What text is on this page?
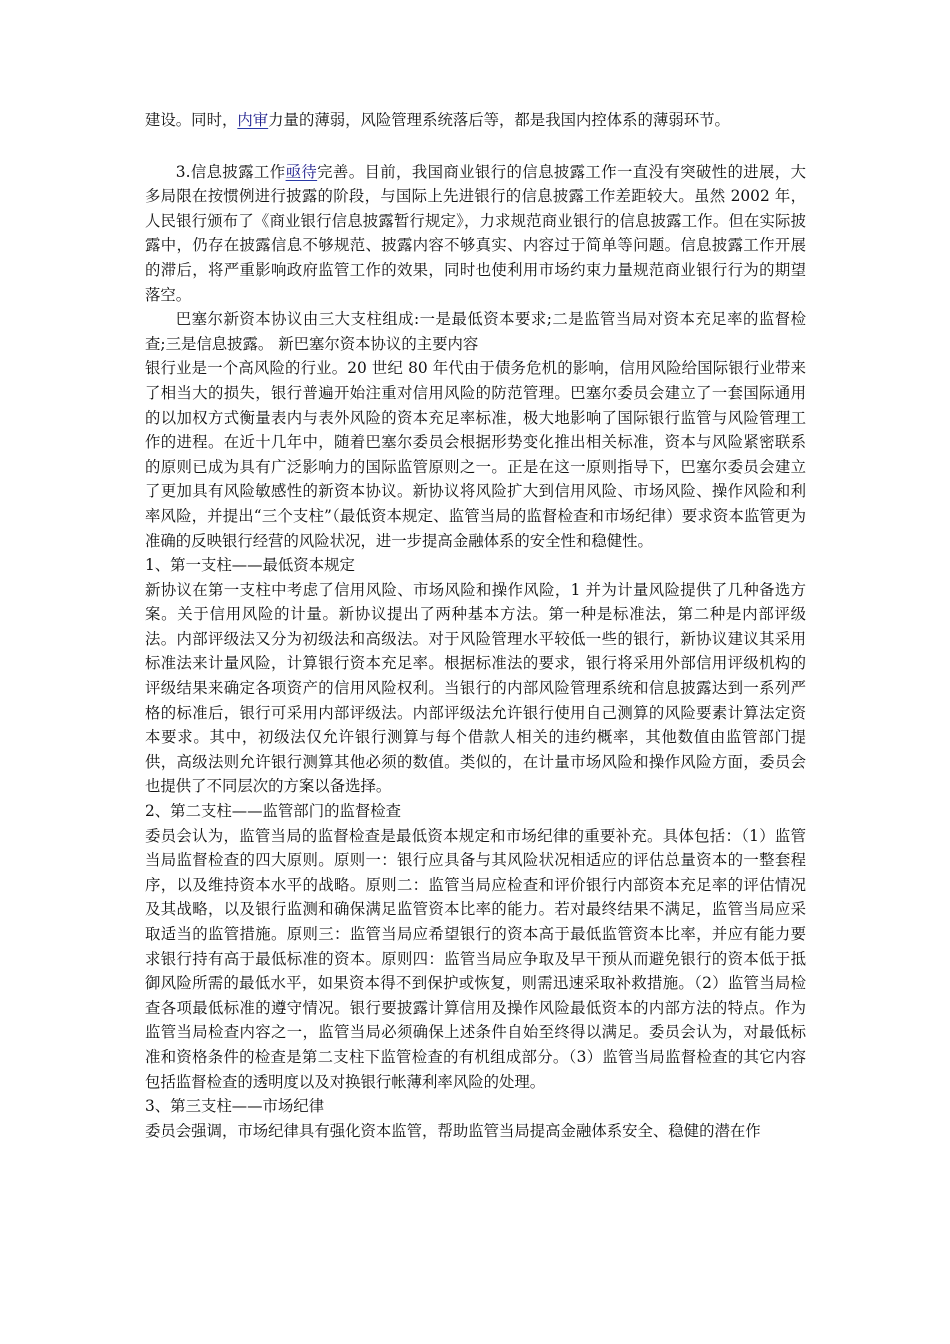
建设。同时，内审力量的薄弱，风险管理系统落后等，都是我国内控体系的薄弱环节。

3.信息披露工作亟待完善。目前，我国商业银行的信息披露工作一直没有突破性的进展，大多局限在按惯例进行披露的阶段，与国际上先进银行的信息披露工作差距较大。虽然 2002 年，人民银行颁布了《商业银行信息披露暂行规定》，力求规范商业银行的信息披露工作。但在实际披露中，仍存在披露信息不够规范、披露内容不够真实、内容过于简单等问题。信息披露工作开展的滞后，将严重影响政府监管工作的效果，同时也使利用市场约束力量规范商业银行行为的期望落空。

巴塞尔新资本协议由三大支柱组成:一是最低资本要求;二是监管当局对资本充足率的监督检查;三是信息披露。 新巴塞尔资本协议的主要内容

银行业是一个高风险的行业。20 世纪 80 年代由于债务危机的影响，信用风险给国际银行业带来了相当大的损失，银行普遍开始注重对信用风险的防范管理。巴塞尔委员会建立了一套国际通用的以加权方式衡量表内与表外风险的资本充足率标准，极大地影响了国际银行监管与风险管理工作的进程。在近十几年中，随着巴塞尔委员会根据形势变化推出相关标准，资本与风险紧密联系的原则已成为具有广泛影响力的国际监管原则之一。正是在这一原则指导下，巴塞尔委员会建立了更加具有风险敏感性的新资本协议。新协议将风险扩大到信用风险、市场风险、操作风险和利率风险，并提出“三个支柱”（最低资本规定、监管当局的监督检查和市场纪律）要求资本监管更为准确的反映银行经营的风险状况，进一步提高金融体系的安全性和稳健性。

1、第一支柱——最低资本规定

新协议在第一支柱中考虑了信用风险、市场风险和操作风险，1 并为计量风险提供了几种备选方案。关于信用风险的计量。新协议提出了两种基本方法。第一种是标准法，第二种是内部评级法。内部评级法又分为初级法和高级法。对于风险管理水平较低一些的银行，新协议建议其采用标准法来计量风险，计算银行资本充足率。根据标准法的要求，银行将采用外部信用评级机构的评级结果来确定各项资产的信用风险权利。当银行的内部风险管理系统和信息披露达到一系列严格的标准后，银行可采用内部评级法。内部评级法允许银行使用自己测算的风险要素计算法定资本要求。其中，初级法仅允许银行测算与每个借款人相关的违约概率，其他数值由监管部门提供，高级法则允许银行测算其他必须的数值。类似的，在计量市场风险和操作风险方面，委员会也提供了不同层次的方案以备选择。

2、第二支柱——监管部门的监督检查

委员会认为，监管当局的监督检查是最低资本规定和市场纪律的重要补充。具体包括：（1）监管当局监督检查的四大原则。原则一：银行应具备与其风险状况相适应的评估总量资本的一整套程序，以及维持资本水平的战略。原则二：监管当局应检查和评价银行内部资本充足率的评估情况及其战略，以及银行监测和确保满足监管资本比率的能力。若对最终结果不满足，监管当局应采取适当的监管措施。原则三：监管当局应希望银行的资本高于最低监管资本比率，并应有能力要求银行持有高于最低标准的资本。原则四：监管当局应争取及早干预从而避免银行的资本低于抵御风险所需的最低水平，如果资本得不到保护或恢复，则需迅速采取补救措施。（2）监管当局检查各项最低标准的遵守情况。银行要披露计算信用及操作风险最低资本的内部方法的特点。作为监管当局检查内容之一，监管当局必须确保上述条件自始至终得以满足。委员会认为，对最低标准和资格条件的检查是第二支柱下监管检查的有机组成部分。（3）监管当局监督检查的其它内容包括监督检查的透明度以及对换银行帐薄利率风险的处理。

3、第三支柱——市场纪律

委员会强调，市场纪律具有强化资本监管，帮助监管当局提高金融体系安全、稳健的潜在作
